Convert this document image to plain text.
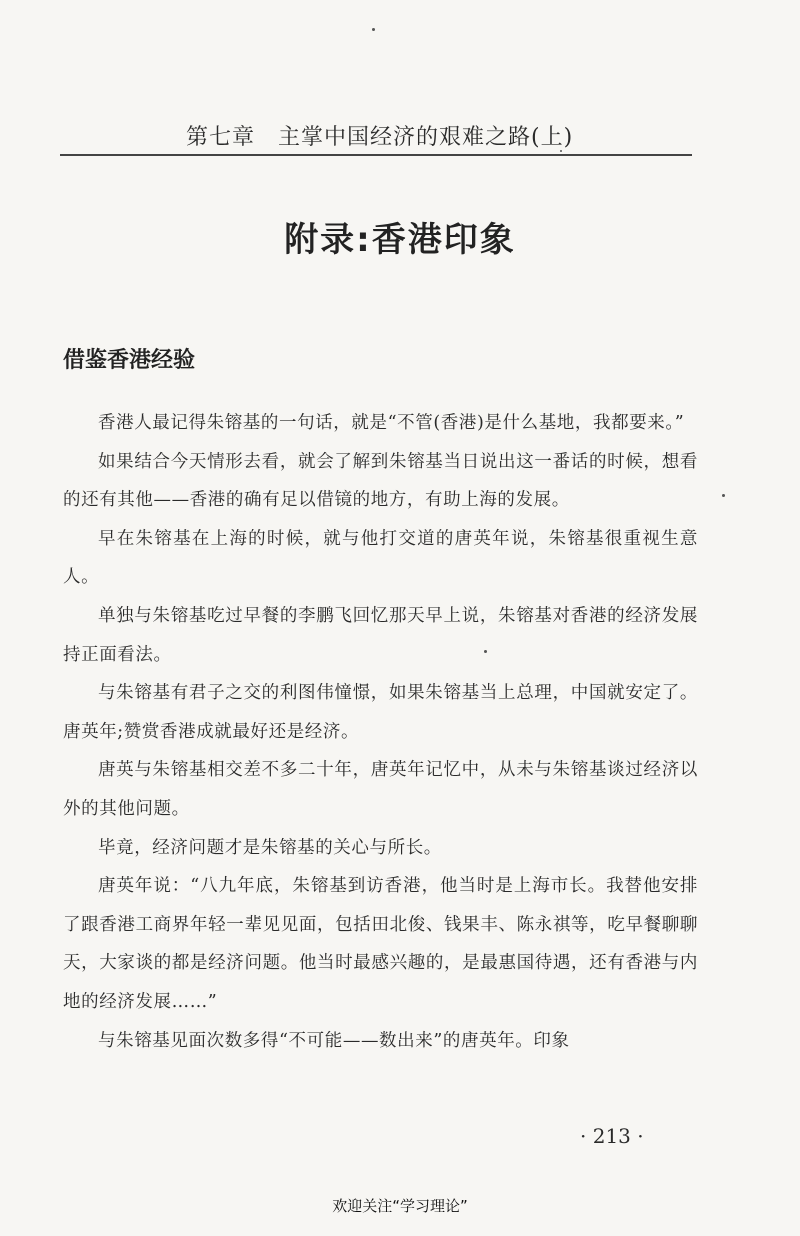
第七章　主掌中国经济的艰难之路(上)
附录:香港印象
借鉴香港经验

香港人最记得朱镕基的一句话，就是“不管(香港)是什么基地，我都要来。”

如果结合今天情形去看，就会了解到朱镕基当日说出这一番话的时候，想看的还有其他——香港的确有足以借镜的地方，有助上海的发展。

早在朱镕基在上海的时候，就与他打交道的唐英年说，朱镕基很重视生意人。

单独与朱镕基吃过早餐的李鹏飞回忆那天早上说，朱镕基对香港的经济发展持正面看法。

与朱镕基有君子之交的利图伟憧憬，如果朱镕基当上总理，中国就安定了。唐英年;赞赏香港成就最好还是经济。

唐英与朱镕基相交差不多二十年，唐英年记忆中，从未与朱镕基谈过经济以外的其他问题。

毕竟，经济问题才是朱镕基的关心与所长。

唐英年说：“八九年底，朱镕基到访香港，他当时是上海市长。我替他安排了跟香港工商界年轻一辈见见面，包括田北俊、钱果丰、陈永祺等，吃早餐聊聊天，大家谈的都是经济问题。他当时最感兴趣的，是最惠国待遇，还有香港与内地的经济发展……”

与朱镕基见面次数多得“不可能——数出来”的唐英年。印象

· 213 ·
欢迎关注“学习理论”
